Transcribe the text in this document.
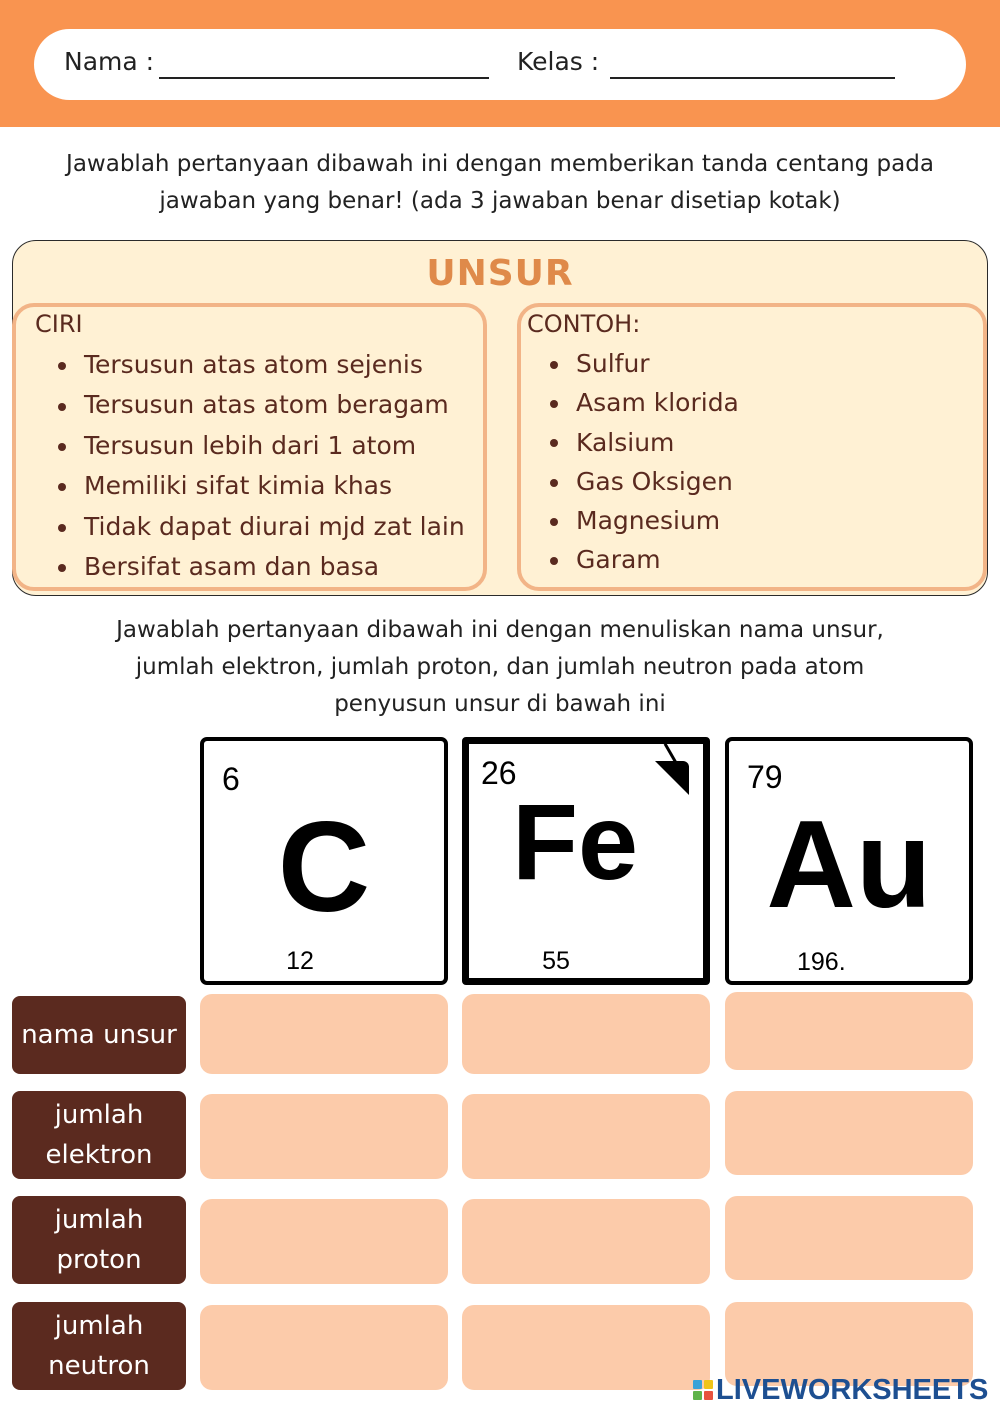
Nama :	Kelas :
Jawablah pertanyaan dibawah ini dengan memberikan tanda centang pada
jawaban yang benar! (ada 3 jawaban benar disetiap kotak)
UNSUR
CIRI
Tersusun atas atom sejenis
Tersusun atas atom beragam
Tersusun lebih dari 1 atom
Memiliki sifat kimia khas
Tidak dapat diurai mjd zat lain
Bersifat asam dan basa
CONTOH:
Sulfur
Asam klorida
Kalsium
Gas Oksigen
Magnesium
Garam
Jawablah pertanyaan dibawah ini dengan menuliskan nama unsur,
jumlah elektron, jumlah proton, dan jumlah neutron pada atom
penyusun unsur di bawah ini
6
C
12
26
Fe
55
79
Au
196.
nama unsur
jumlah
elektron
jumlah
proton
jumlah
neutron
LIVEWORKSHEETS
